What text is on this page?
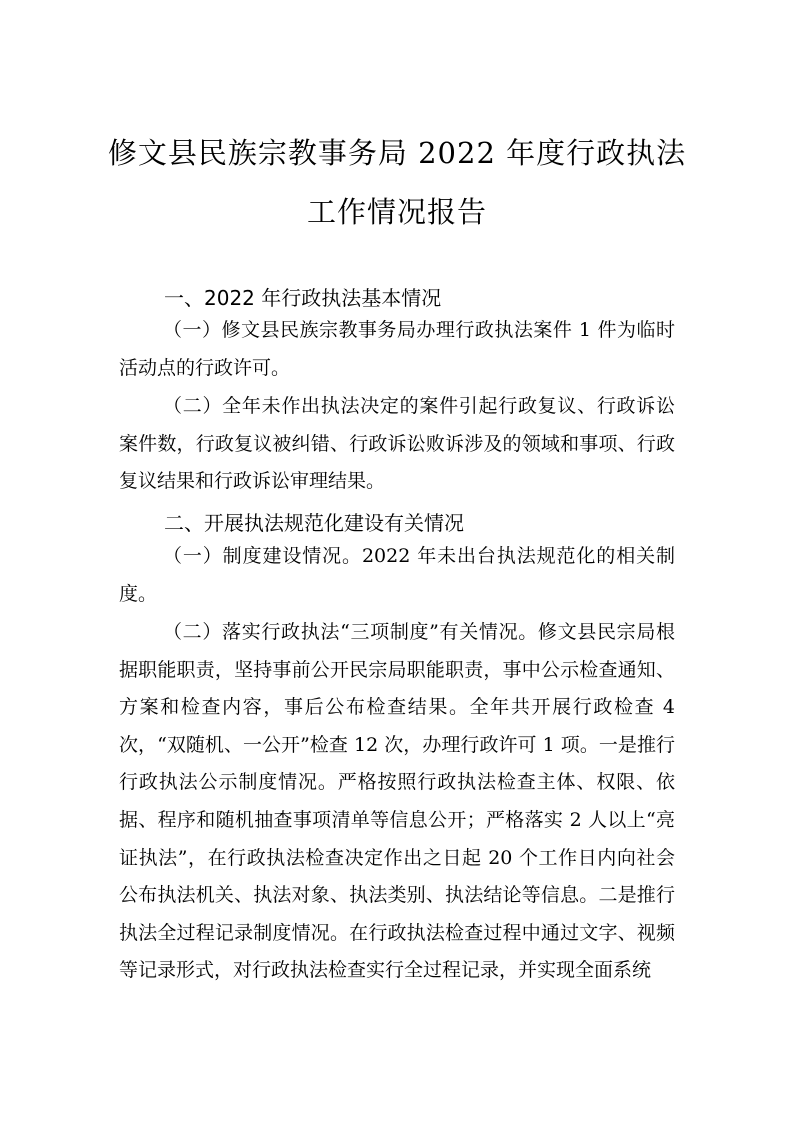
修文县民族宗教事务局 2022 年度行政执法
工作情况报告
一、2022 年行政执法基本情况

（一）修文县民族宗教事务局办理行政执法案件 1 件为临时活动点的行政许可。

（二）全年未作出执法决定的案件引起行政复议、行政诉讼案件数，行政复议被纠错、行政诉讼败诉涉及的领域和事项、行政复议结果和行政诉讼审理结果。

二、开展执法规范化建设有关情况

（一）制度建设情况。2022 年未出台执法规范化的相关制度。

（二）落实行政执法“三项制度”有关情况。修文县民宗局根据职能职责，坚持事前公开民宗局职能职责，事中公示检查通知、方案和检查内容，事后公布检查结果。全年共开展行政检查 4 次，“双随机、一公开”检查 12 次，办理行政许可 1 项。一是推行行政执法公示制度情况。严格按照行政执法检查主体、权限、依据、程序和随机抽查事项清单等信息公开；严格落实 2 人以上“亮证执法”，在行政执法检查决定作出之日起 20 个工作日内向社会公布执法机关、执法对象、执法类别、执法结论等信息。二是推行执法全过程记录制度情况。在行政执法检查过程中通过文字、视频等记录形式，对行政执法检查实行全过程记录，并实现全面系统
